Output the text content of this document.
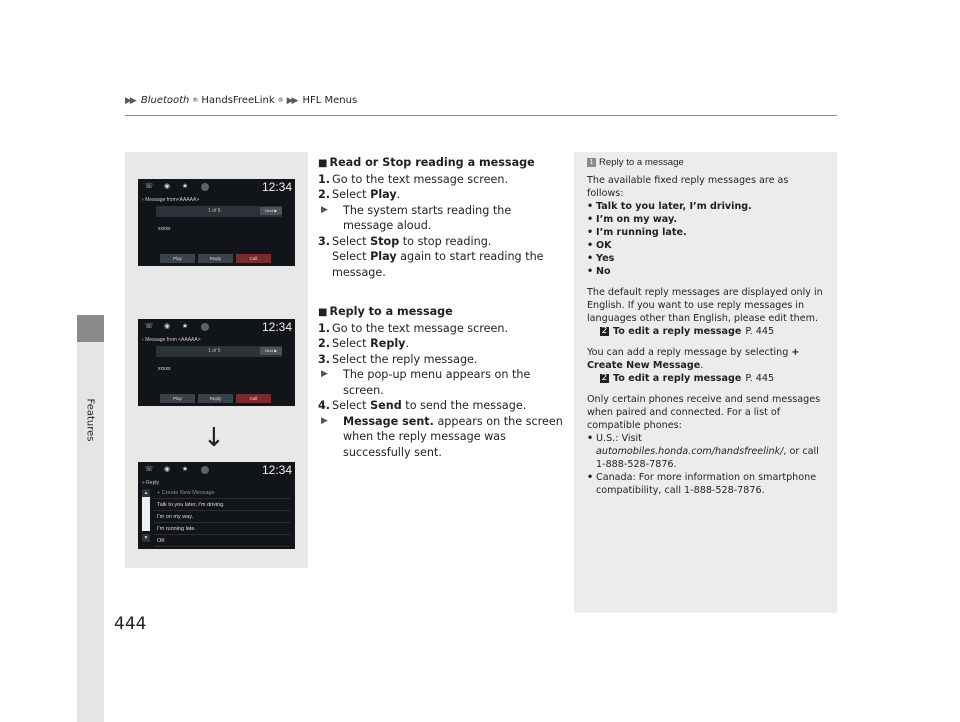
▶▶ Bluetooth ® HandsFreeLink ® ▶▶ HFL Menus
Features
☏	◉	★	12:34
› Message from<AAAAA>
1 of 5	Next ▶
xxxxx
Play	Reply	Call
☏	◉	★	12:34
› Message from <AAAAA>
1 of 5	Next ▶
xxxxx
Play	Reply	Call
↓
☏	◉	★	12:34
» Reply
▲
▼
+ Create New Message
Talk to you later, I'm driving.
I'm on my way.
I'm running late.
OK
■ Read or Stop reading a message
1. Go to the text message screen.
2. Select Play.
▶	The system starts reading the message aloud.
3. Select Stop to stop reading.
Select Play again to start reading the message.
■ Reply to a message
1. Go to the text message screen.
2. Select Reply.
3. Select the reply message.
▶	The pop-up menu appears on the screen.
4. Select Send to send the message.
▶	Message sent. appears on the screen when the reply message was successfully sent.
1 Reply to a message

The available fixed reply messages are as follows:

• Talk to you later, I’m driving.
• I’m on my way.
• I’m running late.
• OK
• Yes
• No

The default reply messages are displayed only in English. If you want to use reply messages in languages other than English, please edit them.

2 To edit a reply message P. 445

You can add a reply message by selecting + Create New Message.

2 To edit a reply message P. 445

Only certain phones receive and send messages when paired and connected. For a list of compatible phones:

• U.S.: Visit automobiles.honda.com/handsfreelink/, or call 1-888-528-7876.
• Canada: For more information on smartphone compatibility, call 1-888-528-7876.
444
